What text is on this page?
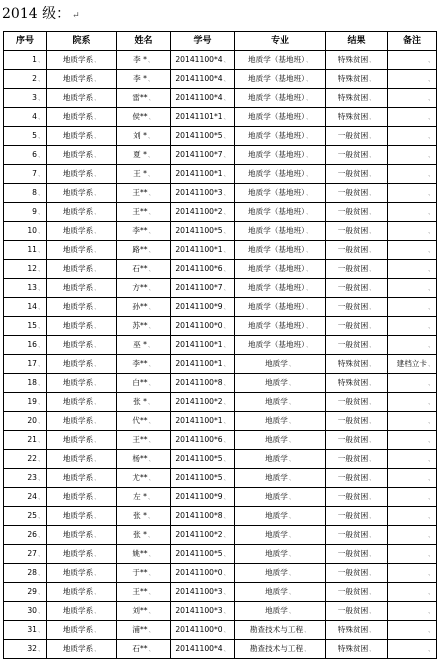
2014 级： ↵
序号	院系	姓名	学号	专业	结果	备注
1、	地质学系、	李 *、	20141100*4、	地质学（基地班）、	特殊贫困、	、
2、	地质学系、	李 *、	20141100*4、	地质学（基地班）、	特殊贫困、	、
3、	地质学系、	雷**、	20141100*4、	地质学（基地班）、	特殊贫困、	、
4、	地质学系、	侯**、	20141101*1、	地质学（基地班）、	特殊贫困、	、
5、	地质学系、	刘 *、	20141100*5、	地质学（基地班）、	一般贫困、	、
6、	地质学系、	夏 *、	20141100*7、	地质学（基地班）、	一般贫困、	、
7、	地质学系、	王 *、	20141100*1、	地质学（基地班）、	一般贫困、	、
8、	地质学系、	王**、	20141100*3、	地质学（基地班）、	一般贫困、	、
9、	地质学系、	王**、	20141100*2、	地质学（基地班）、	一般贫困、	、
10、	地质学系、	李**、	20141100*5、	地质学（基地班）、	一般贫困、	、
11、	地质学系、	路**、	20141100*1、	地质学（基地班）、	一般贫困、	、
12、	地质学系、	石**、	20141100*6、	地质学（基地班）、	一般贫困、	、
13、	地质学系、	方**、	20141100*7、	地质学（基地班）、	一般贫困、	、
14、	地质学系、	孙**、	20141100*9、	地质学（基地班）、	一般贫困、	、
15、	地质学系、	苏**、	20141100*0、	地质学（基地班）、	一般贫困、	、
16、	地质学系、	巫 *、	20141100*1、	地质学（基地班）、	一般贫困、	、
17、	地质学系、	李**、	20141100*1、	地质学、	特殊贫困、	建档立卡、
18、	地质学系、	白**、	20141100*8、	地质学、	特殊贫困、	、
19、	地质学系、	张 *、	20141100*2、	地质学、	一般贫困、	、
20、	地质学系、	代**、	20141100*1、	地质学、	一般贫困、	、
21、	地质学系、	王**、	20141100*6、	地质学、	一般贫困、	、
22、	地质学系、	杨**、	20141100*5、	地质学、	一般贫困、	、
23、	地质学系、	尤**、	20141100*5、	地质学、	一般贫困、	、
24、	地质学系、	左 *、	20141100*9、	地质学、	一般贫困、	、
25、	地质学系、	张 *、	20141100*8、	地质学、	一般贫困、	、
26、	地质学系、	张 *、	20141100*2、	地质学、	一般贫困、	、
27、	地质学系、	姚**、	20141100*5、	地质学、	一般贫困、	、
28、	地质学系、	于**、	20141100*0、	地质学、	一般贫困、	、
29、	地质学系、	王**、	20141100*3、	地质学、	一般贫困、	、
30、	地质学系、	刘**、	20141100*3、	地质学、	一般贫困、	、
31、	地质学系、	浦**、	20141100*0、	勘查技术与工程、	特殊贫困、	、
32、	地质学系、	石**、	20141100*4、	勘查技术与工程、	特殊贫困、	、
